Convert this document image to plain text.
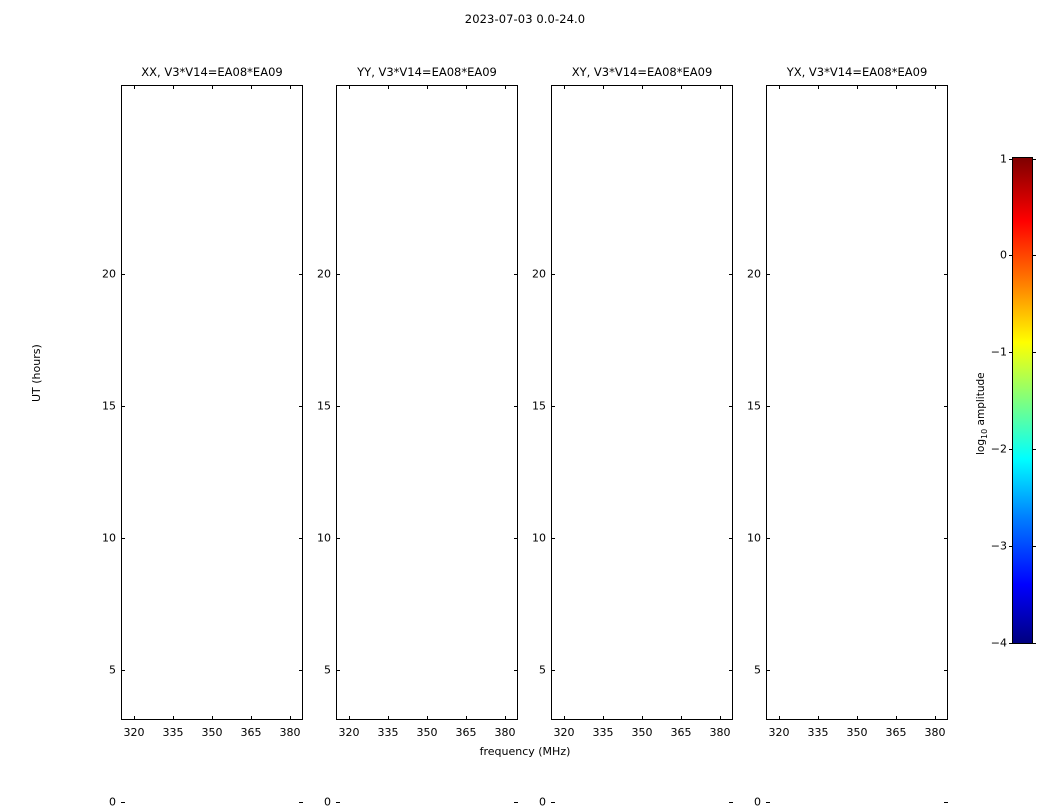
2023-07-03 0.0-24.0
XX, V3*V14=EA08*EA09
0
5
10
15
20
320 335 350 365 380
YY, V3*V14=EA08*EA09
0
5
10
15
20
320 335 350 365 380
XY, V3*V14=EA08*EA09
0
5
10
15
20
320 335 350 365 380
YX, V3*V14=EA08*EA09
0
5
10
15
20
320 335 350 365 380
UT (hours)
frequency (MHz)
1
0
−1
−2
−3
−4
$\log_{10}$ amplitude
